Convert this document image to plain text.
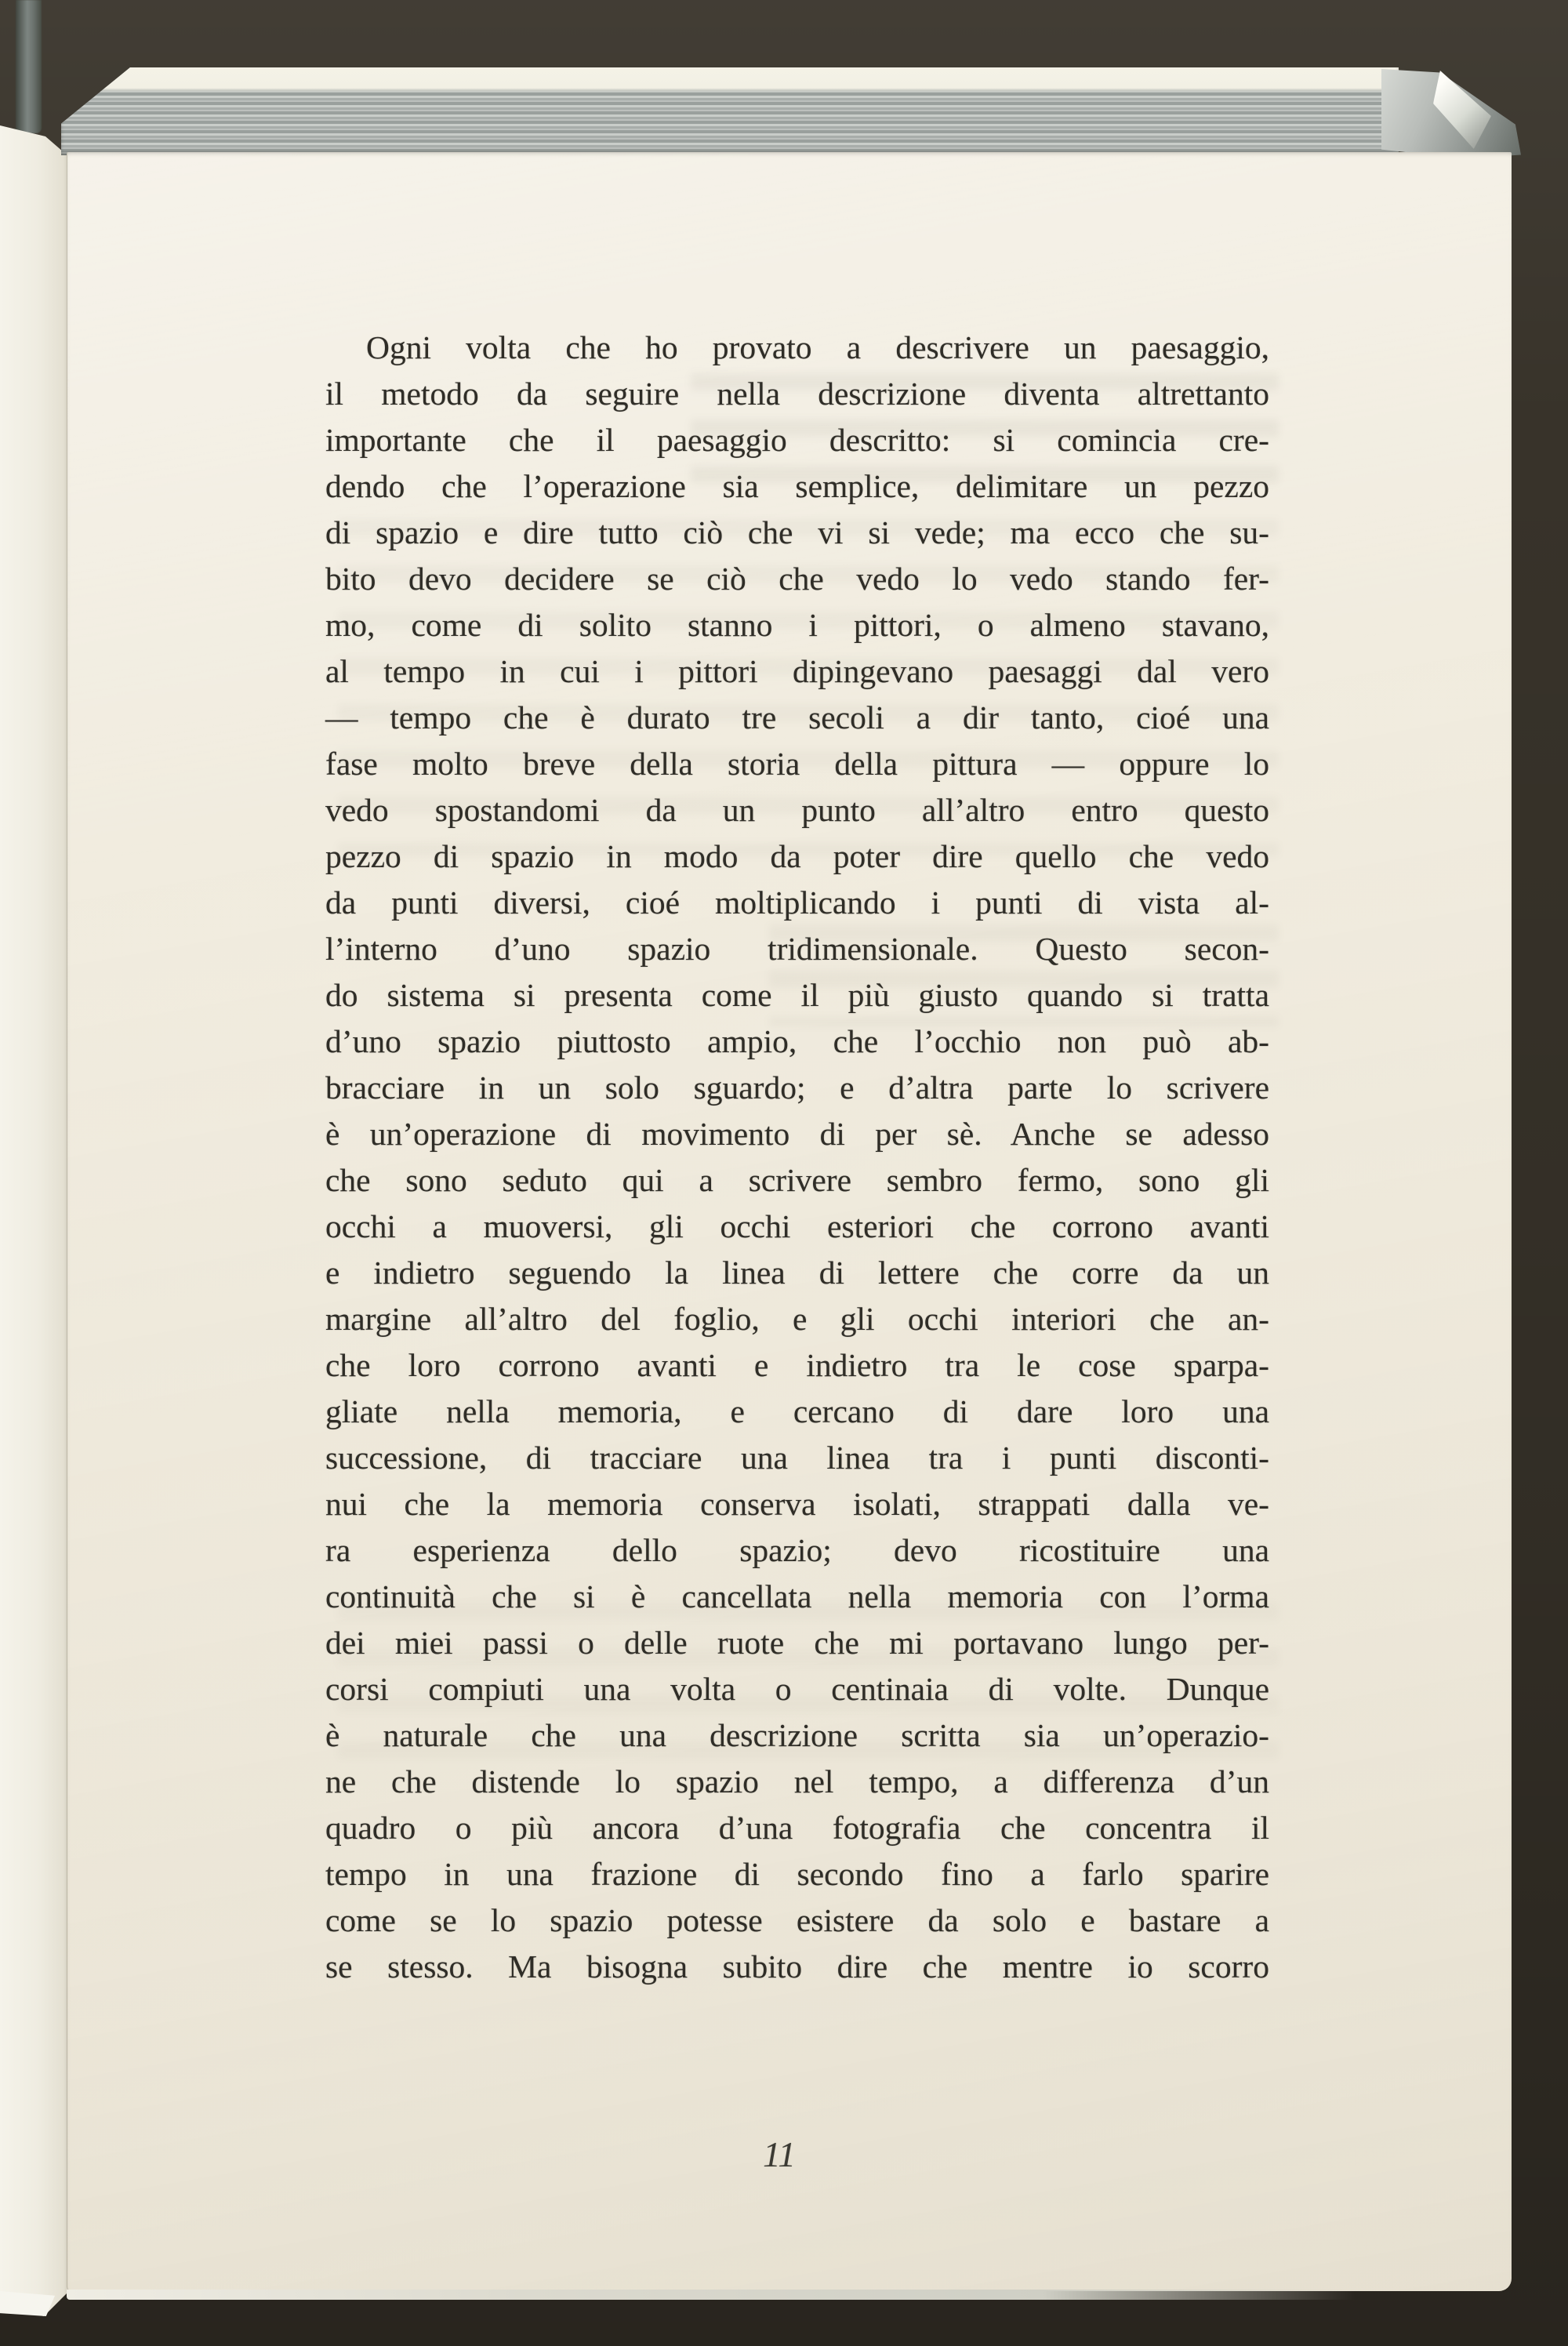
Ogni volta che ho provato a descrivere un paesaggio,
il metodo da seguire nella descrizione diventa altrettanto
importante che il paesaggio descritto: si comincia cre-
dendo che l’operazione sia semplice, delimitare un pezzo
di spazio e dire tutto ciò che vi si vede; ma ecco che su-
bito devo decidere se ciò che vedo lo vedo stando fer-
mo, come di solito stanno i pittori, o almeno stavano,
al tempo in cui i pittori dipingevano paesaggi dal vero
— tempo che è durato tre secoli a dir tanto, cioé una
fase molto breve della storia della pittura — oppure lo
vedo spostandomi da un punto all’altro entro questo
pezzo di spazio in modo da poter dire quello che vedo
da punti diversi, cioé moltiplicando i punti di vista al-
l’interno d’uno spazio tridimensionale. Questo secon-
do sistema si presenta come il più giusto quando si tratta
d’uno spazio piuttosto ampio, che l’occhio non può ab-
bracciare in un solo sguardo; e d’altra parte lo scrivere
è un’operazione di movimento di per sè. Anche se adesso
che sono seduto qui a scrivere sembro fermo, sono gli
occhi a muoversi, gli occhi esteriori che corrono avanti
e indietro seguendo la linea di lettere che corre da un
margine all’altro del foglio, e gli occhi interiori che an-
che loro corrono avanti e indietro tra le cose sparpa-
gliate nella memoria, e cercano di dare loro una
successione, di tracciare una linea tra i punti disconti-
nui che la memoria conserva isolati, strappati dalla ve-
ra esperienza dello spazio; devo ricostituire una
continuità che si è cancellata nella memoria con l’orma
dei miei passi o delle ruote che mi portavano lungo per-
corsi compiuti una volta o centinaia di volte. Dunque
è naturale che una descrizione scritta sia un’operazio-
ne che distende lo spazio nel tempo, a differenza d’un
quadro o più ancora d’una fotografia che concentra il
tempo in una frazione di secondo fino a farlo sparire
come se lo spazio potesse esistere da solo e bastare a
se stesso. Ma bisogna subito dire che mentre io scorro
11
